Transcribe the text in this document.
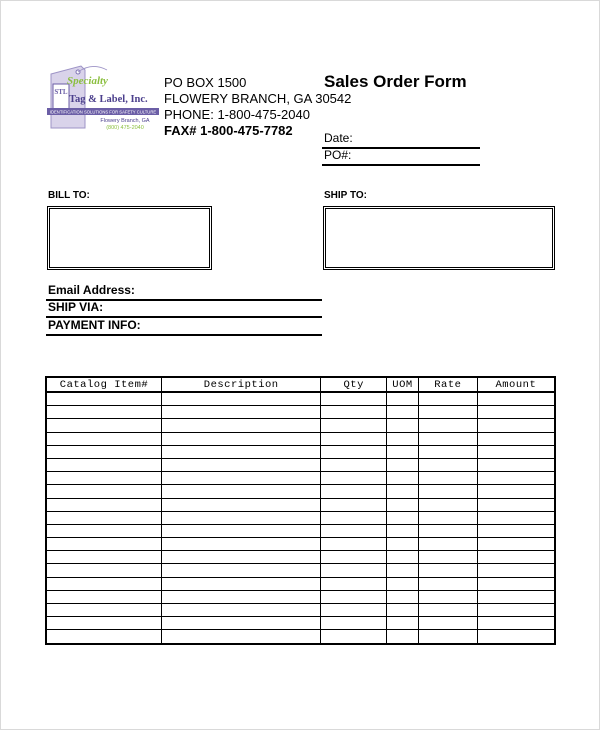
STL
Specialty
Tag & Label, Inc.
IDENTIFICATION SOLUTIONS FOR SAFETY CULTURE
Flowery Branch, GA
(800) 475-2040
PO BOX 1500
FLOWERY BRANCH, GA 30542
PHONE: 1-800-475-2040
FAX# 1-800-475-7782
Sales Order Form
Date:
PO#:
BILL TO:	SHIP TO:
Email Address:
SHIP VIA:
PAYMENT INFO:
Catalog Item#	Description	Qty	UOM	Rate	Amount
